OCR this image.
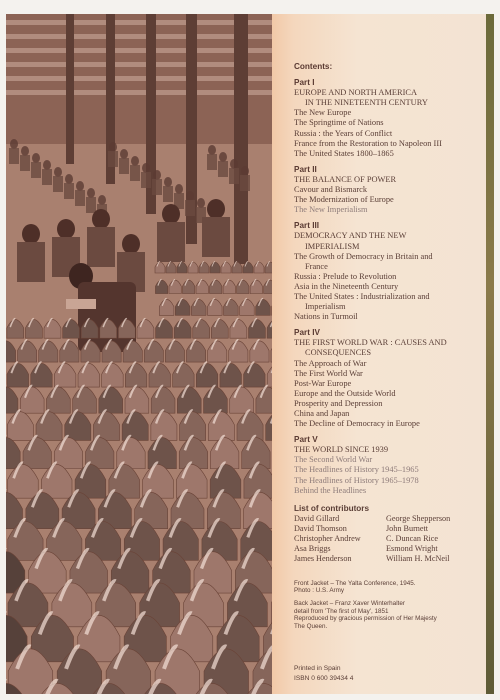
Contents:
Part I
EUROPE AND NORTH AMERICA
IN THE NINETEENTH CENTURY
The New Europe
The Springtime of Nations
Russia : the Years of Conflict
France from the Restoration to Napoleon III
The United States 1800–1865
Part II
THE BALANCE OF POWER
Cavour and Bismarck
The Modernization of Europe
The New Imperialism
Part III
DEMOCRACY AND THE NEW
IMPERIALISM
The Growth of Democracy in Britain and
France
Russia : Prelude to Revolution
Asia in the Nineteenth Century
The United States : Industrialization and
Imperialism
Nations in Turmoil
Part IV
THE FIRST WORLD WAR : CAUSES AND
CONSEQUENCES
The Approach of War
The First World War
Post-War Europe
Europe and the Outside World
Prosperity and Depression
China and Japan
The Decline of Democracy in Europe
Part V
THE WORLD SINCE 1939
The Second World War
The Headlines of History 1945–1965
The Headlines of History 1965–1978
Behind the Headlines
List of contributors
David Gillard	George Shepperson
David Thomson	John Burnett
Christopher Andrew	C. Duncan Rice
Asa Briggs	Esmond Wright
James Henderson	William H. McNeil
Front Jacket – The Yalta Conference, 1945.
Photo : U.S. Army
Back Jacket – Franz Xaver Winterhalter
detail from 'The first of May', 1851
Reproduced by gracious permission of Her Majesty
The Queen.
Printed in Spain
ISBN 0 600 39434 4
